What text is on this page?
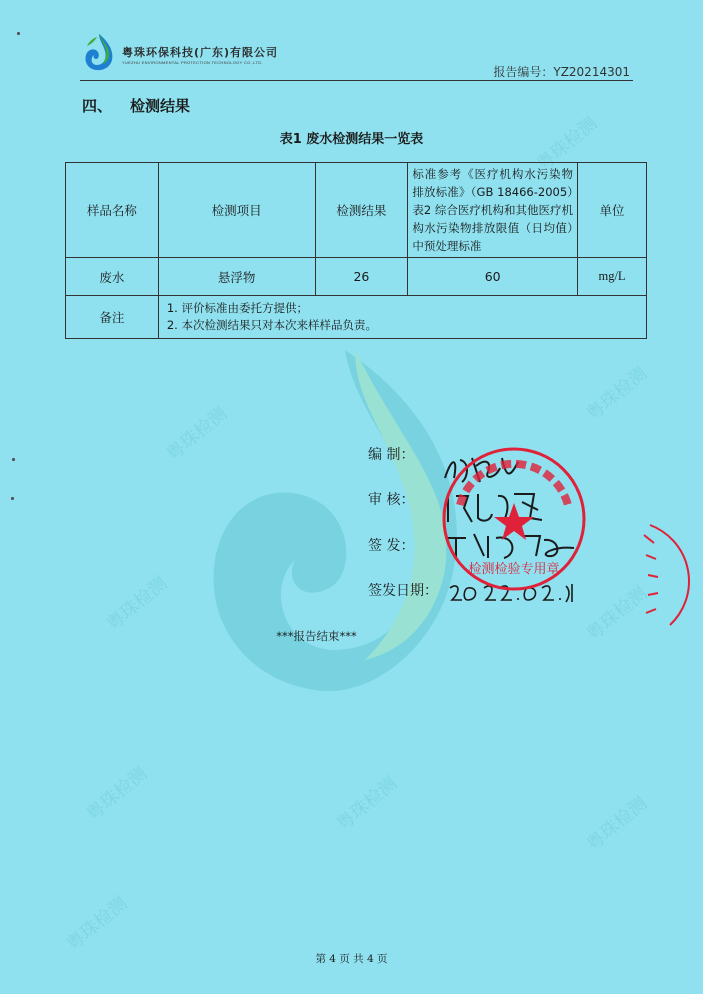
粤珠检测
粤珠检测
粤珠检测
粤珠检测	粤珠检测
粤珠检测	粤珠检测	粤珠检测
粤珠检测
粤珠环保科技(广东)有限公司
YUEZHU ENVIRONMENTAL PROTECTION TECHNOLOGY CO.,LTD.
报告编号：YZ20214301
四、 检测结果
表1 废水检测结果一览表
样品名称	检测项目	检测结果	标准参考《医疗机构水污染物排放标准》（GB 18466-2005）表2 综合医疗机构和其他医疗机构水污染物排放限值（日均值）中预处理标准	单位
废水	悬浮物	26	60	mg/L
备注	1. 评价标准由委托方提供；
2. 本次检测结果只对本次来样样品负责。			
编 制：
审 核：
签 发：
签发日期：
检测检验专用章
***报告结束***
第 4 页 共 4 页
